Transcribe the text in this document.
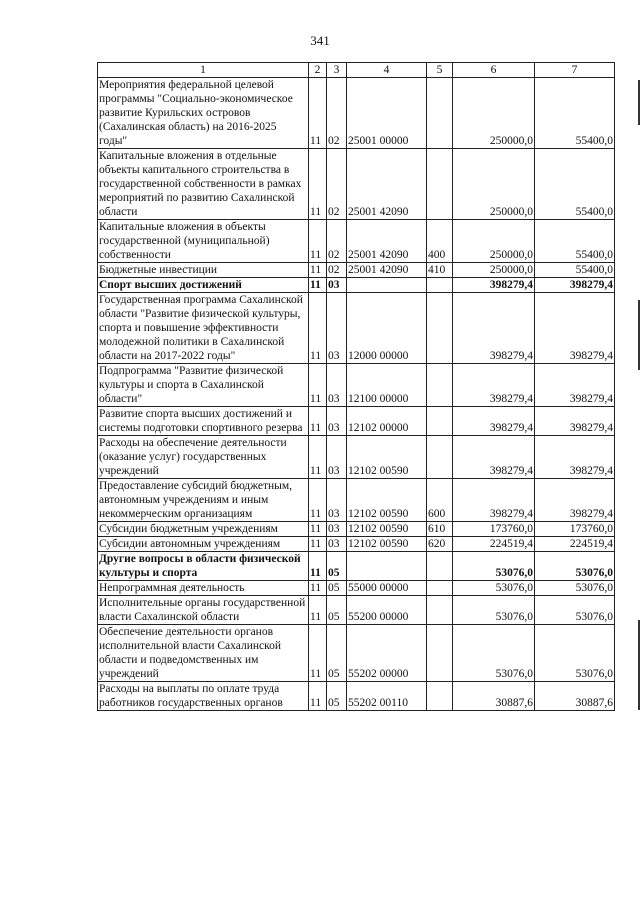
341
1	2	3	4	5	6	7
Мероприятия федеральной целевой программы "Социально-экономическое развитие Курильских островов (Сахалинская область) на 2016-2025 годы"	11	02	25001 00000		250000,0	55400,0
Капитальные вложения в отдельные объекты капитального строительства в государственной собственности в рамках мероприятий по развитию Сахалинской области	11	02	25001 42090		250000,0	55400,0
Капитальные вложения в объекты государственной (муниципальной) собственности	11	02	25001 42090	400	250000,0	55400,0
Бюджетные инвестиции	11	02	25001 42090	410	250000,0	55400,0
Спорт высших достижений	11	03			398279,4	398279,4
Государственная программа Сахалинской области "Развитие физической культуры, спорта и повышение эффективности молодежной политики в Сахалинской области на 2017-2022 годы"	11	03	12000 00000		398279,4	398279,4
Подпрограмма "Развитие физической культуры и спорта в Сахалинской области"	11	03	12100 00000		398279,4	398279,4
Развитие спорта высших достижений и системы подготовки спортивного резерва	11	03	12102 00000		398279,4	398279,4
Расходы на обеспечение деятельности (оказание услуг) государственных учреждений	11	03	12102 00590		398279,4	398279,4
Предоставление субсидий бюджетным, автономным учреждениям и иным некоммерческим организациям	11	03	12102 00590	600	398279,4	398279,4
Субсидии бюджетным учреждениям	11	03	12102 00590	610	173760,0	173760,0
Субсидии автономным учреждениям	11	03	12102 00590	620	224519,4	224519,4
Другие вопросы в области физической культуры и спорта	11	05			53076,0	53076,0
Непрограммная деятельность	11	05	55000 00000		53076,0	53076,0
Исполнительные органы государственной власти Сахалинской области	11	05	55200 00000		53076,0	53076,0
Обеспечение деятельности органов исполнительной власти Сахалинской области и подведомственных им учреждений	11	05	55202 00000		53076,0	53076,0
Расходы на выплаты по оплате труда работников государственных органов	11	05	55202 00110		30887,6	30887,6
